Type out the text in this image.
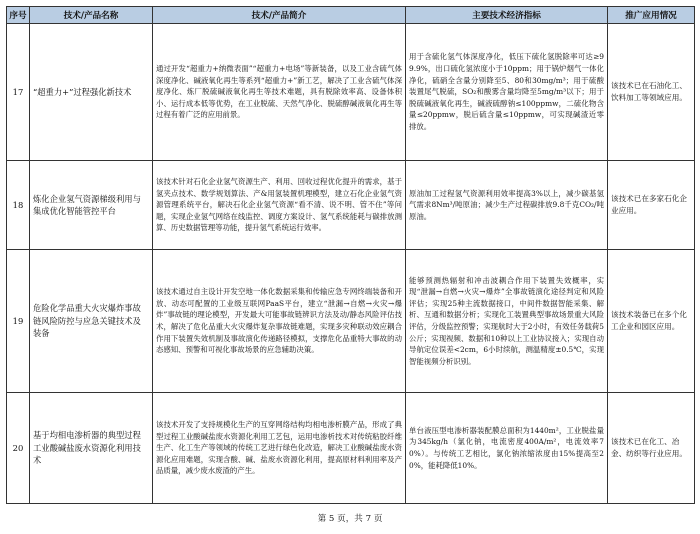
序号	技术/产品名称	技术/产品简介	主要技术经济指标	推广应用情况
17	“超重力+”过程强化新技术	通过开发“超重力+纳微表面”“超重力+电场”等新装备，以及工业含硫气体深度净化、碱液氧化再生等系列“超重力+”新工艺，解决了工业含硫气体深度净化、炼厂脱硫碱液氧化再生等技术难题，具有脱除效率高、设备体积小、运行成本低等优势，在工业脱硫、天然气净化、脱硫醇碱液氧化再生等过程有着广泛的应用前景。	用于含硫化氢气体深度净化，低压下硫化氢脱除率可达≥99.9%，出口硫化氢浓度小于10ppm；用于锅炉烟气一体化净化，硫硝全含量分别降至5、80和30mg/m³；用于硫酸装置尾气脱硫，SO₂和酸雾含量均降至5mg/m³以下；用于脱硫碱液氧化再生，碱液硫醇钠≤100ppmw，二硫化物含量≤20ppmw，脱后硫含量≤10ppmw，可实现碱渣近零排放。	该技术已在石油化工、饮料加工等领域应用。
18	炼化企业氢气资源梯级利用与集成优化智能管控平台	该技术针对石化企业氢气资源生产、利用、回收过程优化提升的需求，基于氢夹点技术、数学规划算法、产&用氢装置机理模型，建立石化企业氢气资源管理系统平台，解决石化企业氢气资源“看不清、说不明、管不住”等问题，实现企业氢气网络在线监控、调度方案设计、氢气系统能耗与碳排放测算、历史数据管理等功能，提升氢气系统运行效率。	原油加工过程氢气资源利用效率提高3%以上，减少碳基氢气需求8Nm³/吨原油；减少生产过程碳排放9.8千克CO₂/吨原油。	该技术已在多家石化企业应用。
19	危险化学品重大火灾爆炸事故链风险防控与应急关键技术及装备	该技术通过自主设计开发空地一体化数据采集和传输应急专网终端装备和开放、动态可配置的工业级互联网PaaS平台，建立“泄漏→自燃→火灾→爆炸”事故链的理论模型，开发最大可能事故链辨识方法及动/静态风险评估技术，解决了危化品重大火灾爆炸复杂事故链难题，实现多灾种联动效应耦合作用下装置失效机制及事故演化传递路径模拟，支撑危化品重特大事故的动态感知、预警和可视化事故场景的应急辅助决策。	能够预测热辐射和冲击波耦合作用下装置失效概率，实现“泄漏→自燃→火灾→爆炸”全事故链演化途径判定和风险评估；实现25种主流数据接口，中间件数据智能采集、解析、互通和数据分析；实现化工装置典型事故场景重大风险评估，分级监控预警；实现航时大于2小时，有效任务载荷5公斤；实现视频、数据和10种以上工业协议接入；实现自动导航定位误差<2cm，6小时续航，测温精度±0.5℃，实现智能视频分析识别。	该技术装备已在多个化工企业和园区应用。
20	基于均相电渗析器的典型过程工业酸碱盐废水资源化利用技术	该技术开发了支持规模化生产的互穿网络结构均相电渗析膜产品，形成了典型过程工业酸碱盐废水资源化利用工艺包，运用电渗析技术对传统粘胶纤维生产、化工生产等领域的传统工艺进行绿色化改造，解决工业酸碱盐废水资源化应用难题，实现含酸、碱、盐废水资源化利用，提高原材料利用率及产品质量，减少废水废渣的产生。	单台液压型电渗析器装配膜总面积为1440m²，工业脱盐量为345kg/h（氯化钠，电流密度400A/m²，电流效率70%）。与传统工艺相比，氯化钠浓缩浓度由15%提高至20%，能耗降低10%。	该技术已在化工、冶金、纺织等行业应用。
第 5 页，共 7 页
